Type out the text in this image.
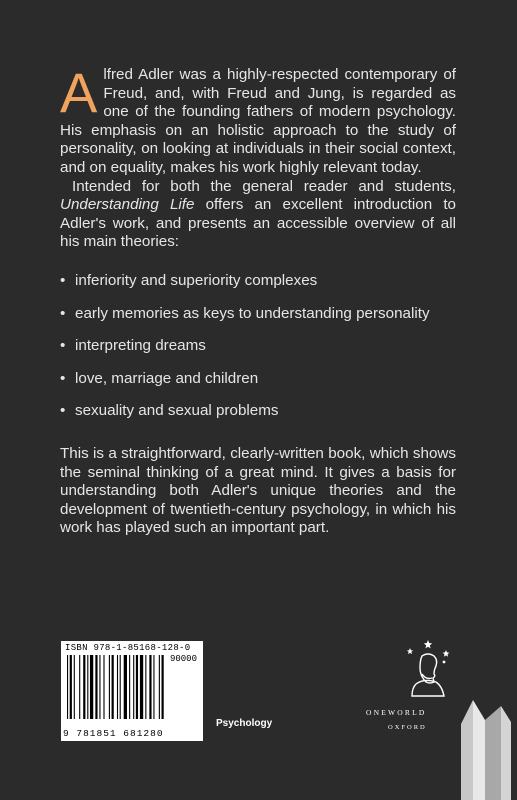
Alfred Adler was a highly-respected contemporary of Freud, and, with Freud and Jung, is regarded as one of the founding fathers of modern psychology. His emphasis on an holistic approach to the study of personality, on looking at individuals in their social context, and on equality, makes his work highly relevant today.

Intended for both the general reader and students, Understanding Life offers an excellent introduction to Adler's work, and presents an accessible overview of all his main theories:

• inferiority and superiority complexes
• early memories as keys to understanding personality
• interpreting dreams
• love, marriage and children
• sexuality and sexual problems

This is a straightforward, clearly-written book, which shows the seminal thinking of a great mind. It gives a basis for understanding both Adler's unique theories and the development of twentieth-century psychology, in which his work has played such an important part.

ISBN 978-1-85168-128-0
90000
9 781851 681280
Psychology
ONEWORLD
OXFORD
